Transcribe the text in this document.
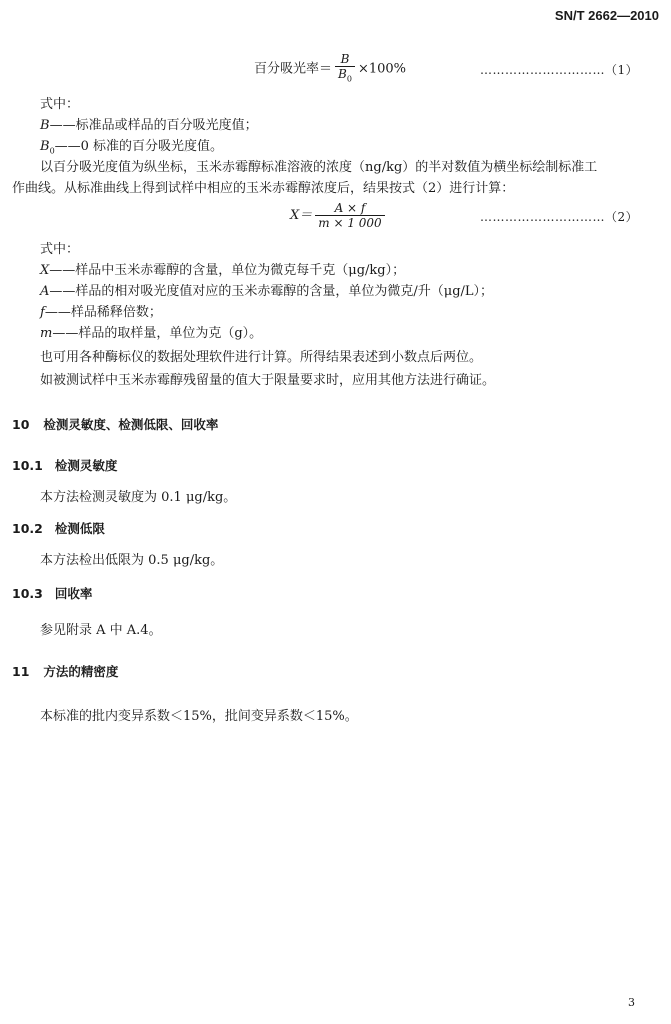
SN/T 2662—2010
百分吸光率＝ $\frac{B}{B_0} \times 100\%$	…………………………（1）
式中：
B——标准品或样品的百分吸光度值；
$B_0——0$ 标准的百分吸光度值。
以百分吸光度值为纵坐标，玉米赤霉醇标准溶液的浓度（ng/kg）的半对数值为横坐标绘制标准工
作曲线。从标准曲线上得到试样中相应的玉米赤霉醇浓度后，结果按式（2）进行计算：
$X= \frac{A \times f}{m \times 1 000}$	…………………………（2）
式中：
X——样品中玉米赤霉醇的含量，单位为微克每千克（μg/kg）；
A——样品的相对吸光度值对应的玉米赤霉醇的含量，单位为微克/升（μg/L）；
f——样品稀释倍数；
m——样品的取样量，单位为克（g）。
也可用各种酶标仪的数据处理软件进行计算。所得结果表述到小数点后两位。
如被测试样中玉米赤霉醇残留量的值大于限量要求时，应用其他方法进行确证。
10 检测灵敏度、检测低限、回收率
10.1 检测灵敏度
本方法检测灵敏度为 0.1 μg/kg。
10.2 检测低限
本方法检出低限为 0.5 μg/kg。
10.3 回收率
参见附录 A 中 A.4。
11 方法的精密度
本标准的批内变异系数＜15%，批间变异系数＜15%。
3
